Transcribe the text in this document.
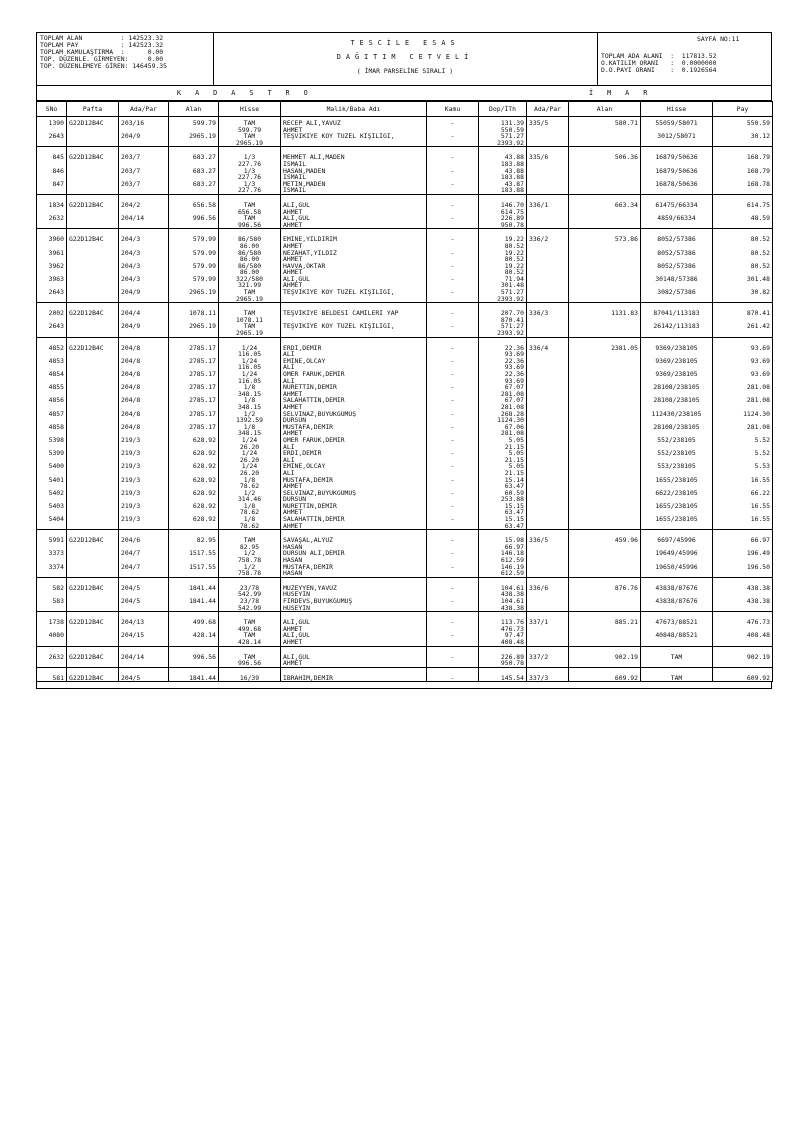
TOPLAM ALAN          : 142523.32
TOPLAM PAY           : 142523.32
TOPLAM KAMULAŞTIRMA  :      0.00
TOP. DÜZENLE. GİRMEYEN:     0.00
TOP. DÜZENLEMEYE GİREN: 146459.35
TESCİLE ESAS
DAĞITIM CETVELİ
( İMAR PARSELİNE SIRALI )
SAYFA NO:11
TOPLAM ADA ALANI  :  117813.52
O.KATILIM ORANI   :  0.0000000
D.O.PAYI ORANI    :  0.1926564
KADASTRO	İMAR
SNo	Pafta	Ada/Par	Alan	Hisse	Malik/Baba Adı	Kamu	Dop/İTh	Ada/Par	Alan	Hisse	Pay

1390	G22D12B4C	203/16	599.79	TAM	RECEP ALİ,YAVUZ	-	131.39	335/5	580.71	55059/58071	550.59
				599.79	AHMET		550.59				
2643		204/9	2965.19	TAM	TEŞVİKİYE KÖY TÜZEL KİŞİLİĞİ,	-	571.27			3012/58071	30.12
				2965.19			2393.92				

845	G22D12B4C	203/7	683.27	1/3	MEHMET ALİ,MADEN	-	43.88	335/6	506.36	16879/50636	168.79
				227.76	İSMAİL		183.88				
846		203/7	683.27	1/3	HASAN,MADEN	-	43.88			16879/50636	168.79
				227.76	İSMAİL		183.88				
847		203/7	683.27	1/3	METİN,MADEN	-	43.87			16878/50636	168.78
				227.76	İSMAİL		183.88				

1834	G22D12B4C	204/2	656.58	TAM	ALİ,GÜL	-	146.70	336/1	663.34	61475/66334	614.75
				656.58	AHMET		614.75				
2632		204/14	996.56	TAM	ALİ,GÜL	-	226.89			4859/66334	48.59
				996.56	AHMET		950.78				

3960	G22D12B4C	204/3	579.99	86/580	EMİNE,YILDIRIM	-	19.22	336/2	573.86	8052/57386	80.52
				86.00	AHMET		80.52				
3961		204/3	579.99	86/580	NEZAHAT,YILDIZ	-	19.22			8052/57386	80.52
				86.00	AHMET		80.52				
3962		204/3	579.99	86/580	HAVVA,OKTAR	-	19.22			8052/57386	80.52
				86.00	AHMET		80.52				
3963		204/3	579.99	322/580	ALİ,GÜL	-	71.94			30148/57386	301.48
				321.99	AHMET		301.48				
2643		204/9	2965.19	TAM	TEŞVİKİYE KÖY TÜZEL KİŞİLİĞİ,	-	571.27			3082/57386	30.82
				2965.19			2393.92				

2002	G22D12B4C	204/4	1078.11	TAM	TEŞVİKİYE BELDESİ CAMİLERİ YAP	-	207.70	336/3	1131.83	87041/113183	870.41
				1078.11			870.41				
2643		204/9	2965.19	TAM	TEŞVİKİYE KÖY TÜZEL KİŞİLİĞİ,	-	571.27			26142/113183	261.42
				2965.19			2393.92				

4852	G22D12B4C	204/8	2785.17	1/24	ERDİ,DEMİR	-	22.36	336/4	2381.05	9369/238105	93.69
				116.05	ALİ		93.69				
4853		204/8	2785.17	1/24	EMİNE,OLCAY	-	22.36			9369/238105	93.69
				116.05	ALİ		93.69				
4854		204/8	2785.17	1/24	ÖMER FARUK,DEMİR	-	22.36			9369/238105	93.69
				116.05	ALİ		93.69				
4855		204/8	2785.17	1/8	NURETTİN,DEMİR	-	67.07			28108/238105	281.08
				348.15	AHMET		281.08				
4856		204/8	2785.17	1/8	SALAHATTİN,DEMİR	-	67.07			28108/238105	281.08
				348.15	AHMET		281.08				
4857		204/8	2785.17	1/2	SELVİNAZ,BÜYÜKGÜMÜŞ	-	268.28			112430/238105	1124.30
				1392.59	DURSUN		1124.30				
4858		204/8	2785.17	1/8	MUSTAFA,DEMİR	-	67.06			28108/238105	281.08
				348.15	AHMET		281.08				
5398		219/3	628.92	1/24	ÖMER FARUK,DEMİR	-	5.05			552/238105	5.52
				26.20	ALİ		21.15				
5399		219/3	628.92	1/24	ERDİ,DEMİR	-	5.05			552/238105	5.52
				26.20	ALİ		21.15				
5400		219/3	628.92	1/24	EMİNE,OLCAY	-	5.05			553/238105	5.53
				26.20	ALİ		21.15				
5401		219/3	628.92	1/8	MUSTAFA,DEMİR	-	15.14			1655/238105	16.55
				78.62	AHMET		63.47				
5402		219/3	628.92	1/2	SELVİNAZ,BÜYÜKGÜMÜŞ	-	60.59			6622/238105	66.22
				314.46	DURSUN		253.88				
5403		219/3	628.92	1/8	NURETTİN,DEMİR	-	15.15			1655/238105	16.55
				78.62	AHMET		63.47				
5404		219/3	628.92	1/8	SALAHATTİN,DEMİR	-	15.15			1655/238105	16.55
				78.62	AHMET		63.47				

5991	G22D12B4C	204/6	82.95	TAM	SAVAŞAL,ALYÜZ	-	15.98	336/5	459.96	6697/45996	66.97
				82.95	HASAN		66.97				
3373		204/7	1517.55	1/2	DURSUN ALİ,DEMİR	-	146.18			19649/45996	196.49
				758.78	HASAN		612.59				
3374		204/7	1517.55	1/2	MUSTAFA,DEMİR	-	146.19			19650/45996	196.50
				758.78	HASAN		612.59				

582	G22D12B4C	204/5	1841.44	23/78	MÜZEYYEN,YAVUZ	-	104.61	336/6	876.76	43838/87676	438.38
				542.99	HÜSEYİN		438.38				
583		204/5	1841.44	23/78	FİRDEVS,BÜYÜKGÜMÜŞ	-	104.61			43838/87676	438.38
				542.99	HÜSEYİN		438.38				

1738	G22D12B4C	204/13	499.68	TAM	ALİ,GÜL	-	113.76	337/1	885.21	47673/88521	476.73
				499.68	AHMET		476.73				
4080		204/15	428.14	TAM	ALİ,GÜL	-	97.47			40848/88521	408.48
				428.14	AHMET		408.48				

2632	G22D12B4C	204/14	996.56	TAM	ALİ,GÜL	-	226.89	337/2	902.19	TAM	902.19
				996.56	AHMET		950.78				

581	G22D12B4C	204/5	1841.44	16/39	İBRAHİM,DEMİR	-	145.54	337/3	609.92	TAM	609.92
